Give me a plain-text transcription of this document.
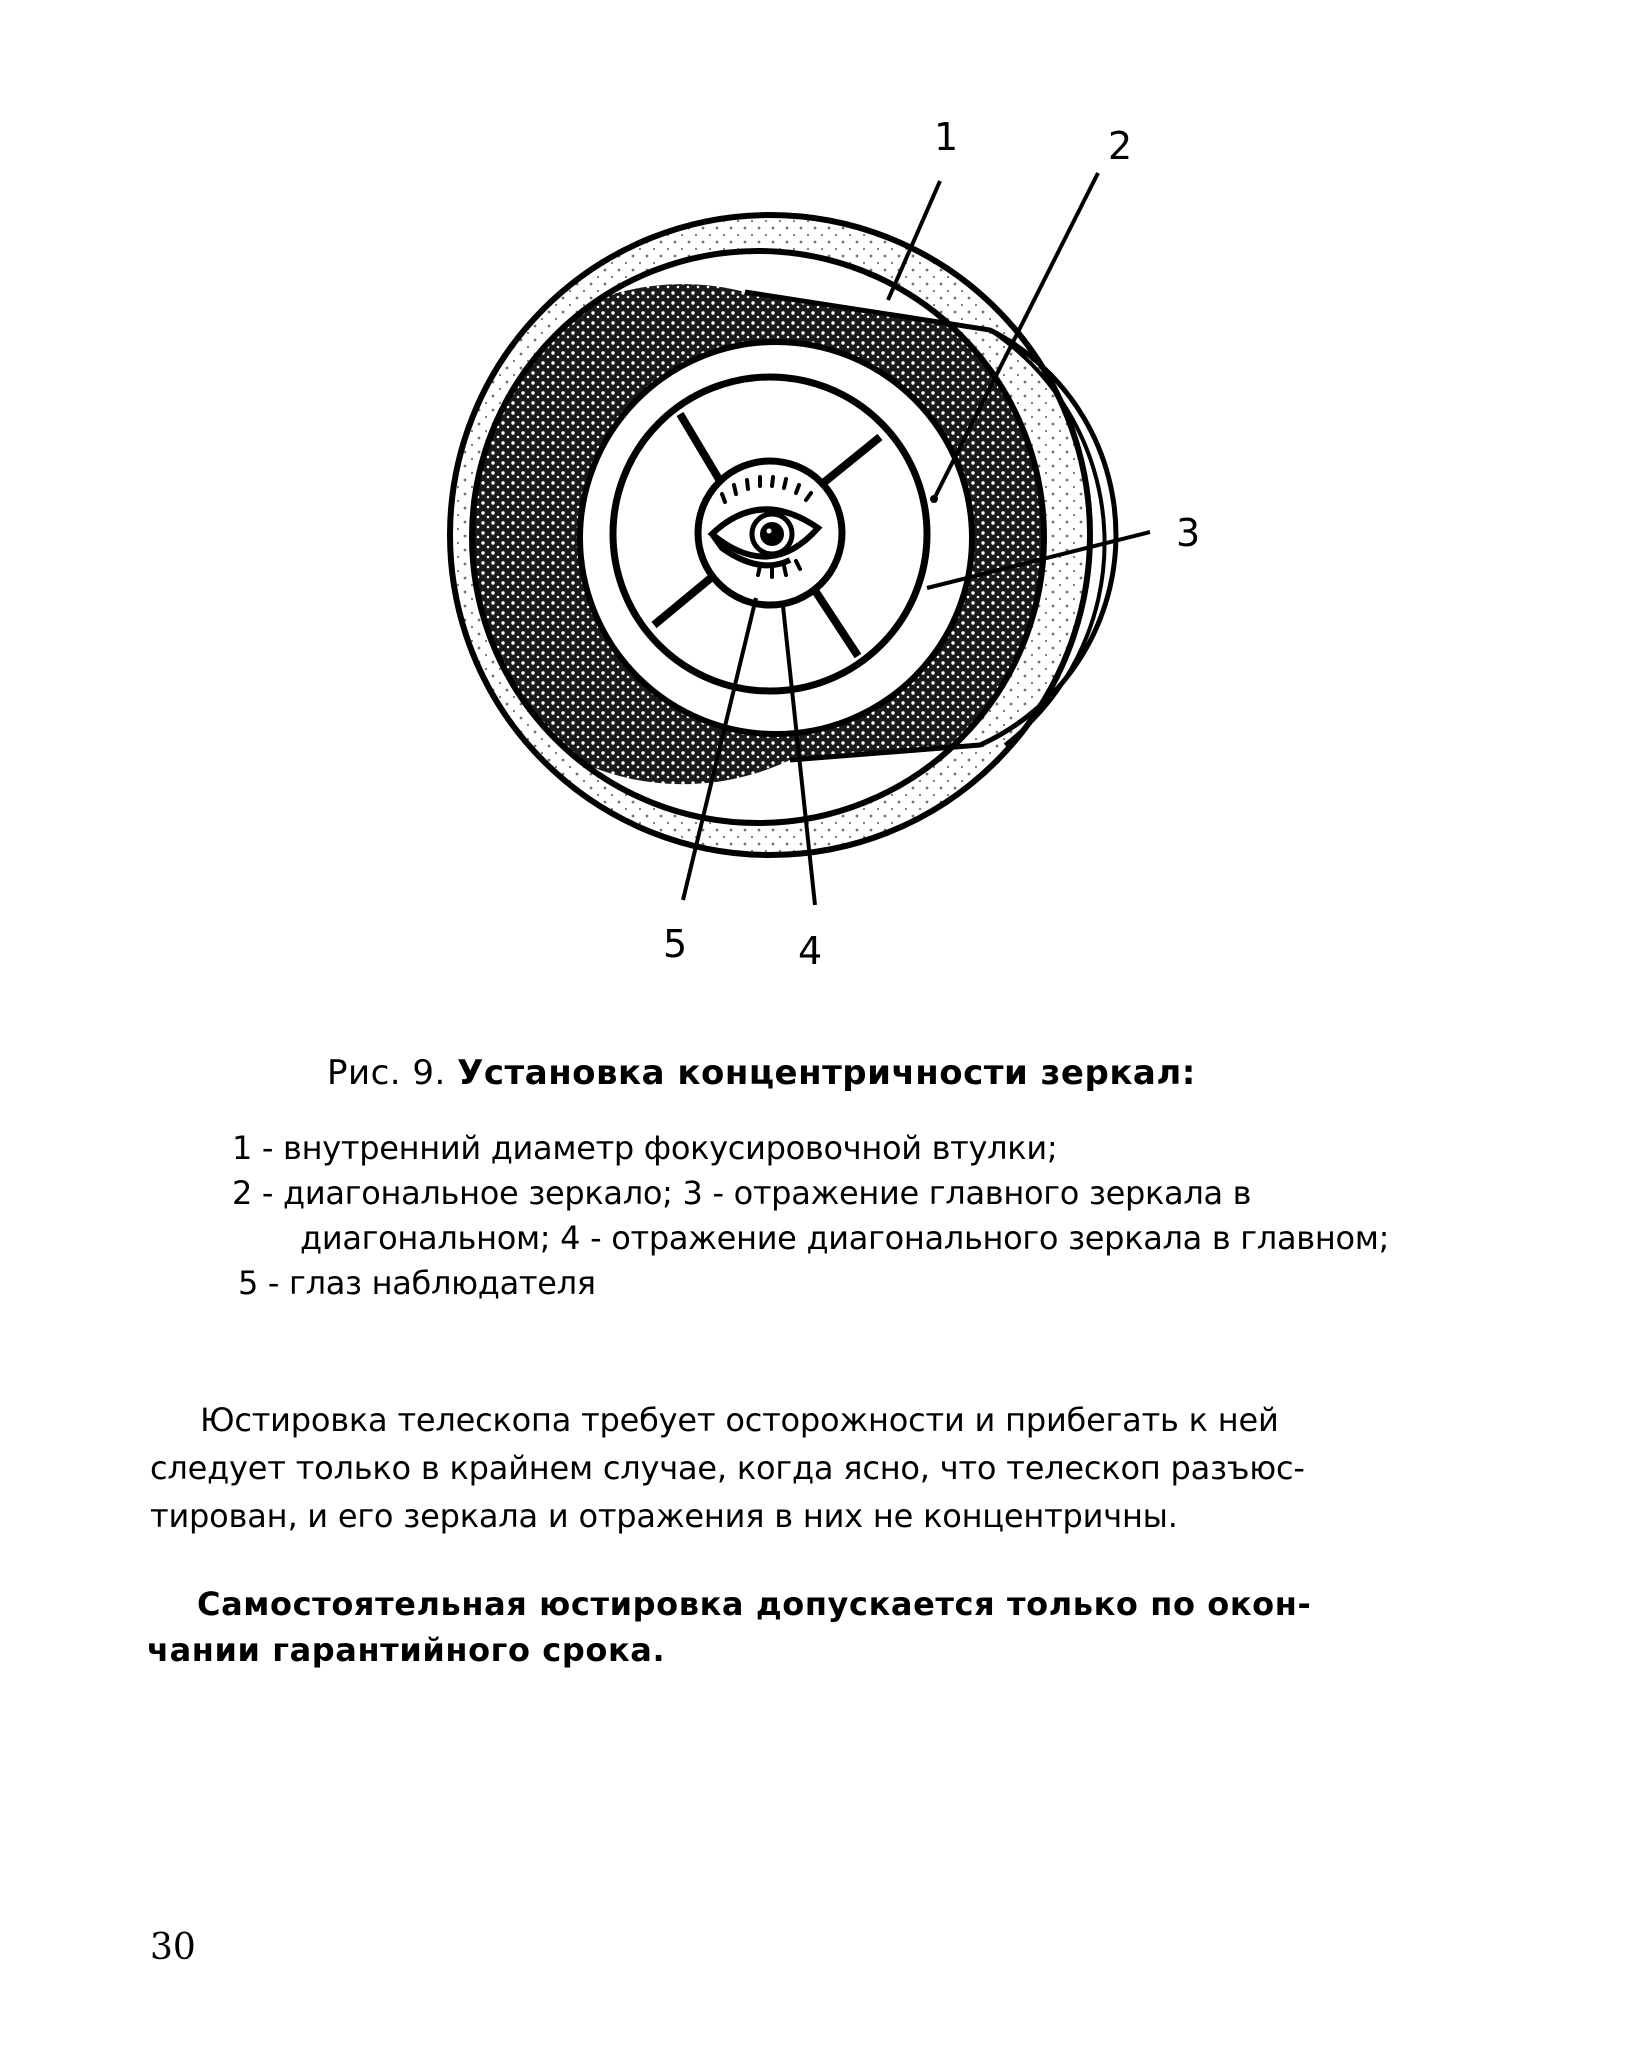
1	2
3
4
5
Рис. 9. Установка концентричности зеркал:
1 - внутренний диаметр фокусировочной втулки;
2 - диагональное зеркало; 3 - отражение главного зеркала в
диагональном; 4 - отражение диагонального зеркала в главном;
5 - глаз наблюдателя
Юстировка телескопа требует осторожности и прибегать к ней
следует только в крайнем случае, когда ясно, что телескоп разъюс-
тирован‚ и его зеркала и отражения в них не концентричны.
Самостоятельная юстировка допускается только по окон-
чании гарантийного срока.
30
